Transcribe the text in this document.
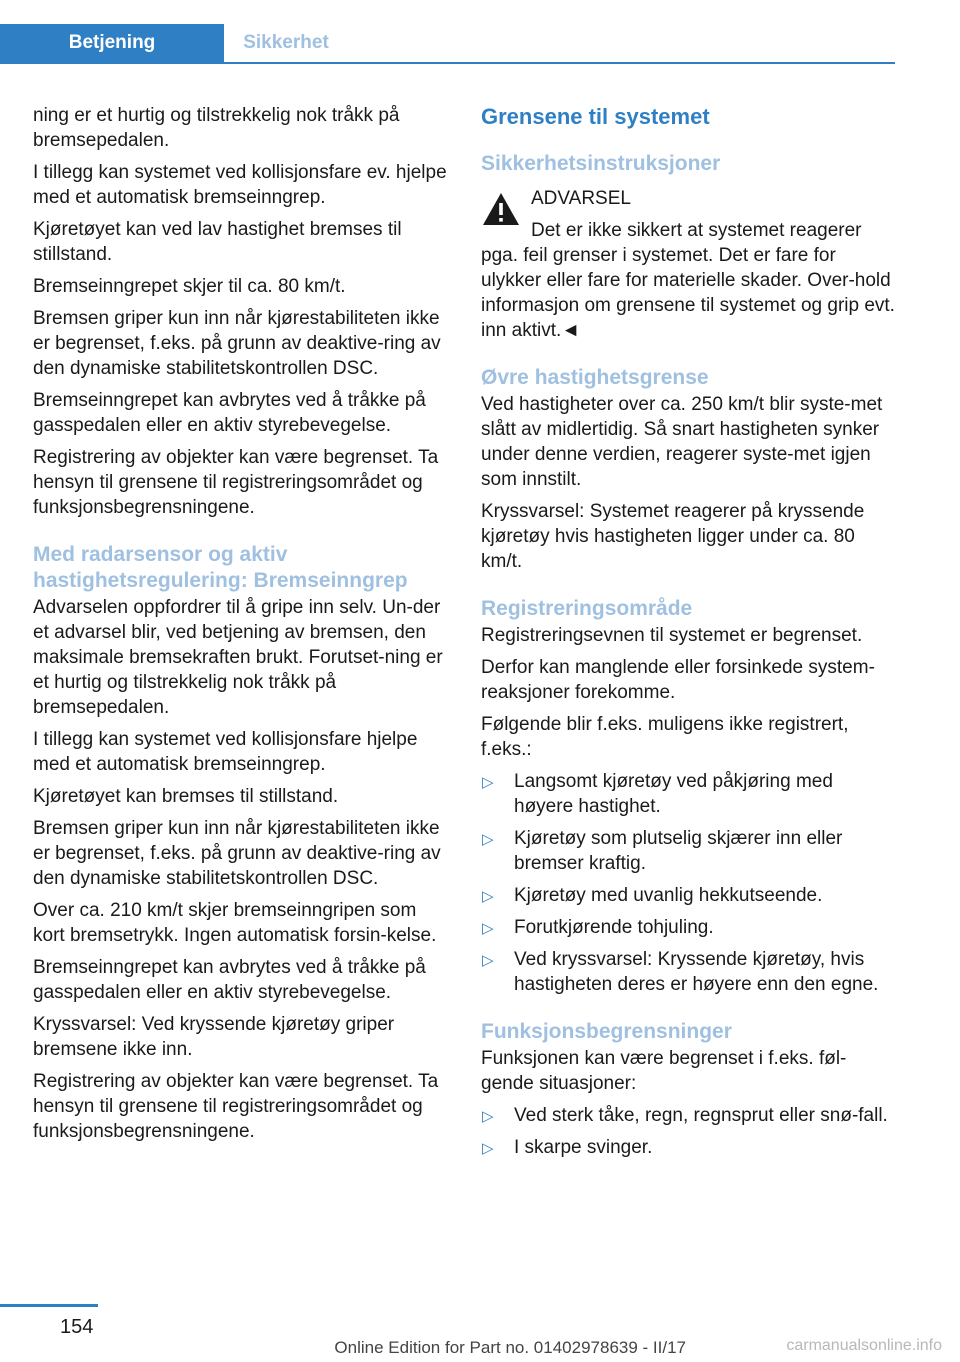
Betjening	Sikkerhet

ning er et hurtig og tilstrekkelig nok tråkk på bremsepedalen.

I tillegg kan systemet ved kollisjonsfare ev. hjelpe med et automatisk bremseinngrep.

Kjøretøyet kan ved lav hastighet bremses til stillstand.

Bremseinngrepet skjer til ca. 80 km/t.

Bremsen griper kun inn når kjørestabiliteten ikke er begrenset, f.eks. på grunn av deaktive-ring av den dynamiske stabilitetskontrollen DSC.

Bremseinngrepet kan avbrytes ved å tråkke på gasspedalen eller en aktiv styrebevegelse.

Registrering av objekter kan være begrenset. Ta hensyn til grensene til registreringsområdet og funksjonsbegrensningene.

Med radarsensor og aktiv hastighetsregulering: Bremseinngrep

Advarselen oppfordrer til å gripe inn selv. Un-der et advarsel blir, ved betjening av bremsen, den maksimale bremsekraften brukt. Forutset-ning er et hurtig og tilstrekkelig nok tråkk på bremsepedalen.

I tillegg kan systemet ved kollisjonsfare hjelpe med et automatisk bremseinngrep.

Kjøretøyet kan bremses til stillstand.

Bremsen griper kun inn når kjørestabiliteten ikke er begrenset, f.eks. på grunn av deaktive-ring av den dynamiske stabilitetskontrollen DSC.

Over ca. 210 km/t skjer bremseinngripen som kort bremsetrykk. Ingen automatisk forsin-kelse.

Bremseinngrepet kan avbrytes ved å tråkke på gasspedalen eller en aktiv styrebevegelse.

Kryssvarsel: Ved kryssende kjøretøy griper bremsene ikke inn.

Registrering av objekter kan være begrenset. Ta hensyn til grensene til registreringsområdet og funksjonsbegrensningene.

Grensene til systemet
Sikkerhetsinstruksjoner

ADVARSEL

Det er ikke sikkert at systemet reagerer pga. feil grenser i systemet. Det er fare for ulykker eller fare for materielle skader. Over-hold informasjon om grensene til systemet og grip evt. inn aktivt.◄

Øvre hastighetsgrense

Ved hastigheter over ca. 250 km/t blir syste-met slått av midlertidig. Så snart hastigheten synker under denne verdien, reagerer syste-met igjen som innstilt.

Kryssvarsel: Systemet reagerer på kryssende kjøretøy hvis hastigheten ligger under ca. 80 km/t.

Registreringsområde

Registreringsevnen til systemet er begrenset.

Derfor kan manglende eller forsinkede system-reaksjoner forekomme.

Følgende blir f.eks. muligens ikke registrert, f.eks.:

▷ Langsomt kjøretøy ved påkjøring med høyere hastighet.
▷ Kjøretøy som plutselig skjærer inn eller bremser kraftig.
▷ Kjøretøy med uvanlig hekkutseende.
▷ Forutkjørende tohjuling.
▷ Ved kryssvarsel: Kryssende kjøretøy, hvis hastigheten deres er høyere enn den egne.
Funksjonsbegrensninger

Funksjonen kan være begrenset i f.eks. føl-gende situasjoner:

▷ Ved sterk tåke, regn, regnsprut eller snø-fall.
▷ I skarpe svinger.
154
Online Edition for Part no. 01402978639 - II/17	carmanualsonline.info
